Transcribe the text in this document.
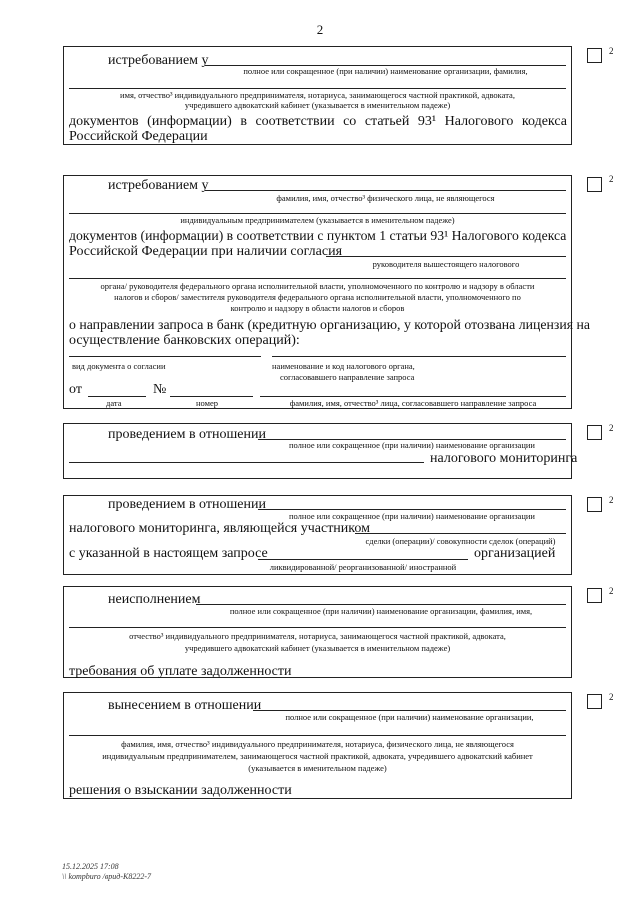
2
2
истребованием у
полное или сокращенное (при наличии) наименование организации, фамилия,
имя, отчество³ индивидуального предпринимателя, нотариуса, занимающегося частной практикой, адвоката,
учредившего адвокатский кабинет (указывается в именительном падеже)
документов (информации) в соответствии со статьей 93¹ Налогового кодекса
Российской Федерации
2
истребованием у
фамилия, имя, отчество³ физического лица, не являющегося
индивидуальным предпринимателем (указывается в именительном падеже)
документов (информации) в соответствии с пунктом 1 статьи 93¹ Налогового кодекса
Российской Федерации при наличии согласия
руководителя вышестоящего налогового
органа/ руководителя федерального органа исполнительной власти, уполномоченного по контролю и надзору в области
налогов и сборов/ заместителя руководителя федерального органа исполнительной власти, уполномоченного по
контролю и надзору в области налогов и сборов
о направлении запроса в банк (кредитную организацию, у которой отозвана лицензия на
осуществление банковских операций):
вид документа о согласии	наименование и код налогового органа,
согласовавшего направление запроса
от	№
дата	номер	фамилия, имя, отчество³ лица, согласовавшего направление запроса
2
проведением в отношении
полное или сокращенное (при наличии) наименование организации
налогового мониторинга
2
проведением в отношении
полное или сокращенное (при наличии) наименование организации
налогового мониторинга, являющейся участником
сделки (операции)/ совокупности сделок (операций)
с указанной в настоящем запросе	организацией
ликвидированной/ реорганизованной/ иностранной
2
неисполнением
полное или сокращенное (при наличии) наименование организации, фамилия, имя,
отчество³ индивидуального предпринимателя, нотариуса, занимающегося частной практикой, адвоката,
учредившего адвокатский кабинет (указывается в именительном падеже)
требования об уплате задолженности
2
вынесением в отношении
полное или сокращенное (при наличии) наименование организации,
фамилия, имя, отчество³ индивидуального предпринимателя, нотариуса, физического лица, не являющегося
индивидуальным предпринимателем, занимающегося частной практикой, адвоката, учредившего адвокатский кабинет
(указывается в именительном падеже)
решения о взыскании задолженности
15.12.2025 17:08
\\ kompburo /врид-K8222-7
